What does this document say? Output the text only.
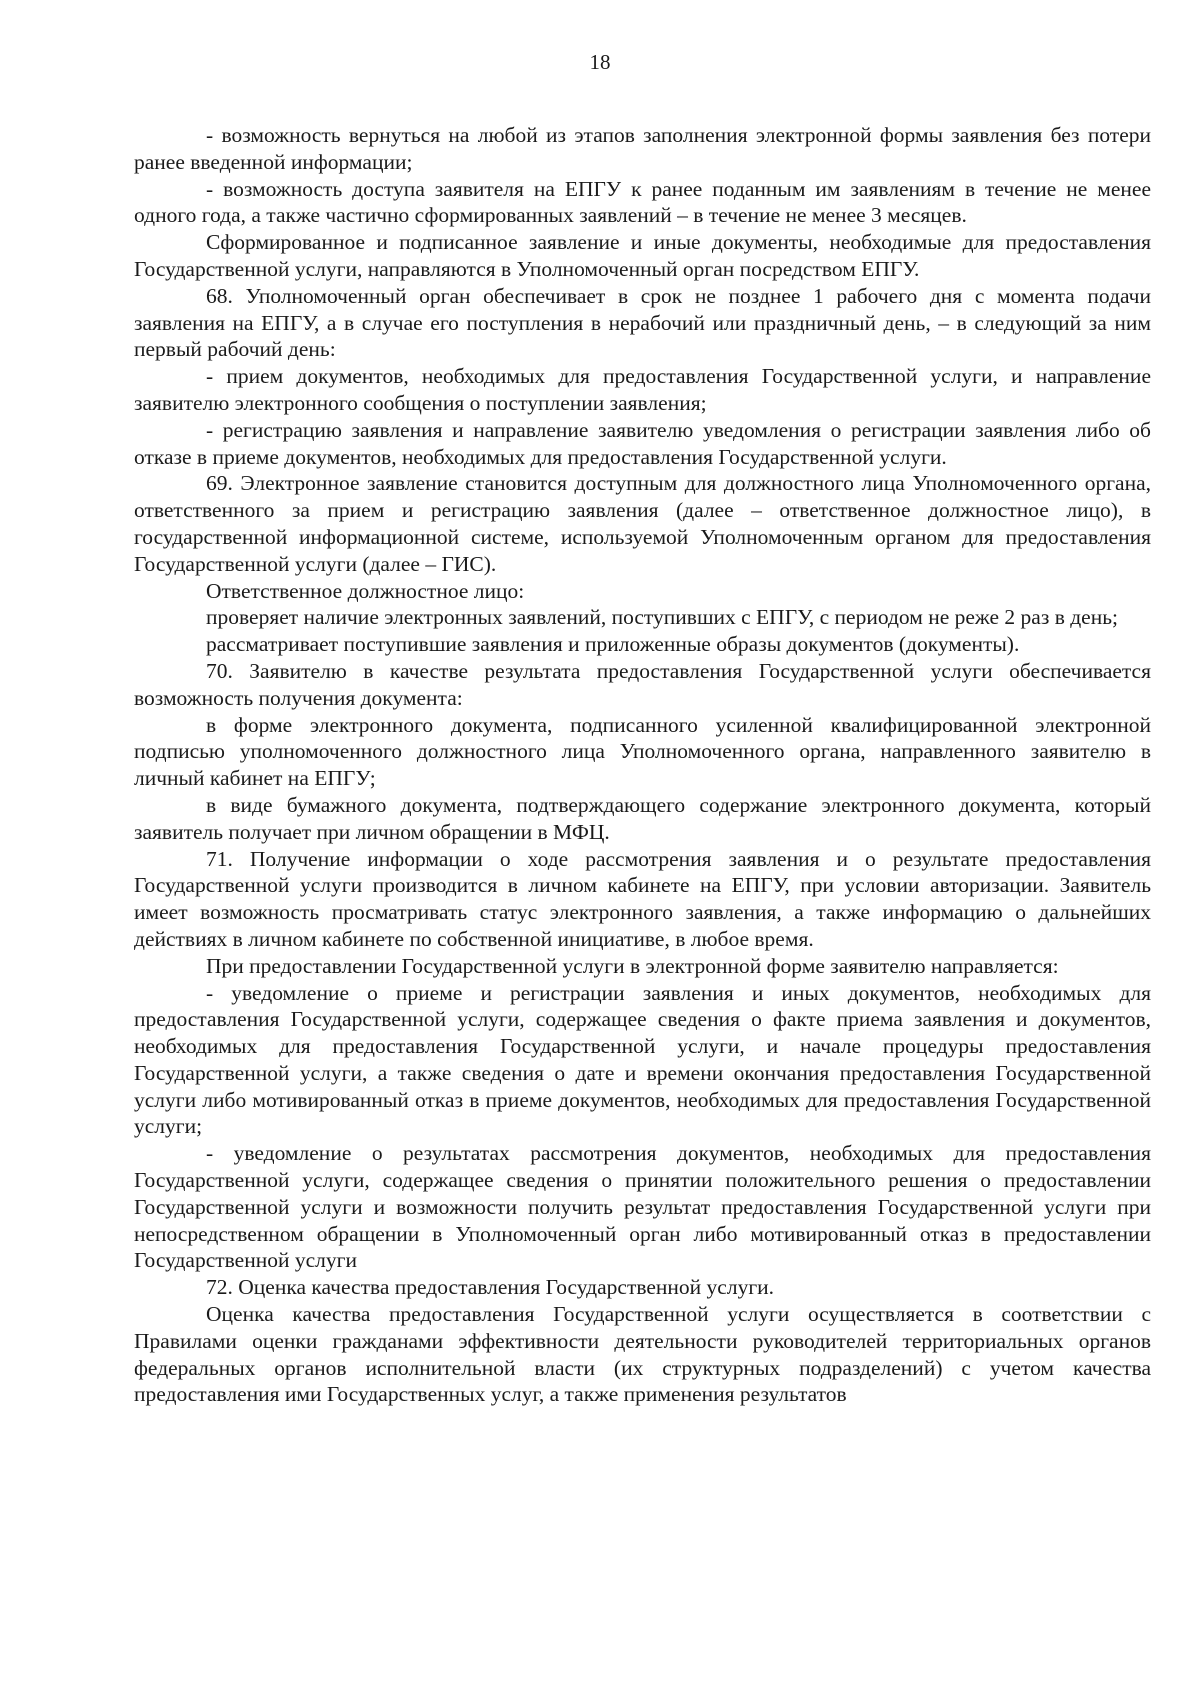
18

- возможность вернуться на любой из этапов заполнения электронной формы заявления без потери ранее введенной информации;

- возможность доступа заявителя на ЕПГУ к ранее поданным им заявлениям в течение не менее одного года, а также частично сформированных заявлений – в течение не менее 3 месяцев.

Сформированное и подписанное заявление и иные документы, необходимые для предоставления Государственной услуги, направляются в Уполномоченный орган посредством ЕПГУ.

68. Уполномоченный орган обеспечивает в срок не позднее 1 рабочего дня с момента подачи заявления на ЕПГУ, а в случае его поступления в нерабочий или праздничный день, – в следующий за ним первый рабочий день:

- прием документов, необходимых для предоставления Государственной услуги, и направление заявителю электронного сообщения о поступлении заявления;

- регистрацию заявления и направление заявителю уведомления о регистрации заявления либо об отказе в приеме документов, необходимых для предоставления Государственной услуги.

69. Электронное заявление становится доступным для должностного лица Уполномоченного органа, ответственного за прием и регистрацию заявления (далее – ответственное должностное лицо), в государственной информационной системе, используемой Уполномоченным органом для предоставления Государственной услуги (далее – ГИС).

Ответственное должностное лицо:

проверяет наличие электронных заявлений, поступивших с ЕПГУ, с периодом не реже 2 раз в день;

рассматривает поступившие заявления и приложенные образы документов (документы).

70. Заявителю в качестве результата предоставления Государственной услуги обеспечивается возможность получения документа:

в форме электронного документа, подписанного усиленной квалифицированной электронной подписью уполномоченного должностного лица Уполномоченного органа, направленного заявителю в личный кабинет на ЕПГУ;

в виде бумажного документа, подтверждающего содержание электронного документа, который заявитель получает при личном обращении в МФЦ.

71. Получение информации о ходе рассмотрения заявления и о результате предоставления Государственной услуги производится в личном кабинете на ЕПГУ, при условии авторизации. Заявитель имеет возможность просматривать статус электронного заявления, а также информацию о дальнейших действиях в личном кабинете по собственной инициативе, в любое время.

При предоставлении Государственной услуги в электронной форме заявителю направляется:

- уведомление о приеме и регистрации заявления и иных документов, необходимых для предоставления Государственной услуги, содержащее сведения о факте приема заявления и документов, необходимых для предоставления Государственной услуги, и начале процедуры предоставления Государственной услуги, а также сведения о дате и времени окончания предоставления Государственной услуги либо мотивированный отказ в приеме документов, необходимых для предоставления Государственной услуги;

- уведомление о результатах рассмотрения документов, необходимых для предоставления Государственной услуги, содержащее сведения о принятии положительного решения о предоставлении Государственной услуги и возможности получить результат предоставления Государственной услуги при непосредственном обращении в Уполномоченный орган либо мотивированный отказ в предоставлении Государственной услуги

72. Оценка качества предоставления Государственной услуги.

Оценка качества предоставления Государственной услуги осуществляется в соответствии с Правилами оценки гражданами эффективности деятельности руководителей территориальных органов федеральных органов исполнительной власти (их структурных подразделений) с учетом качества предоставления ими Государственных услуг, а также применения результатов
